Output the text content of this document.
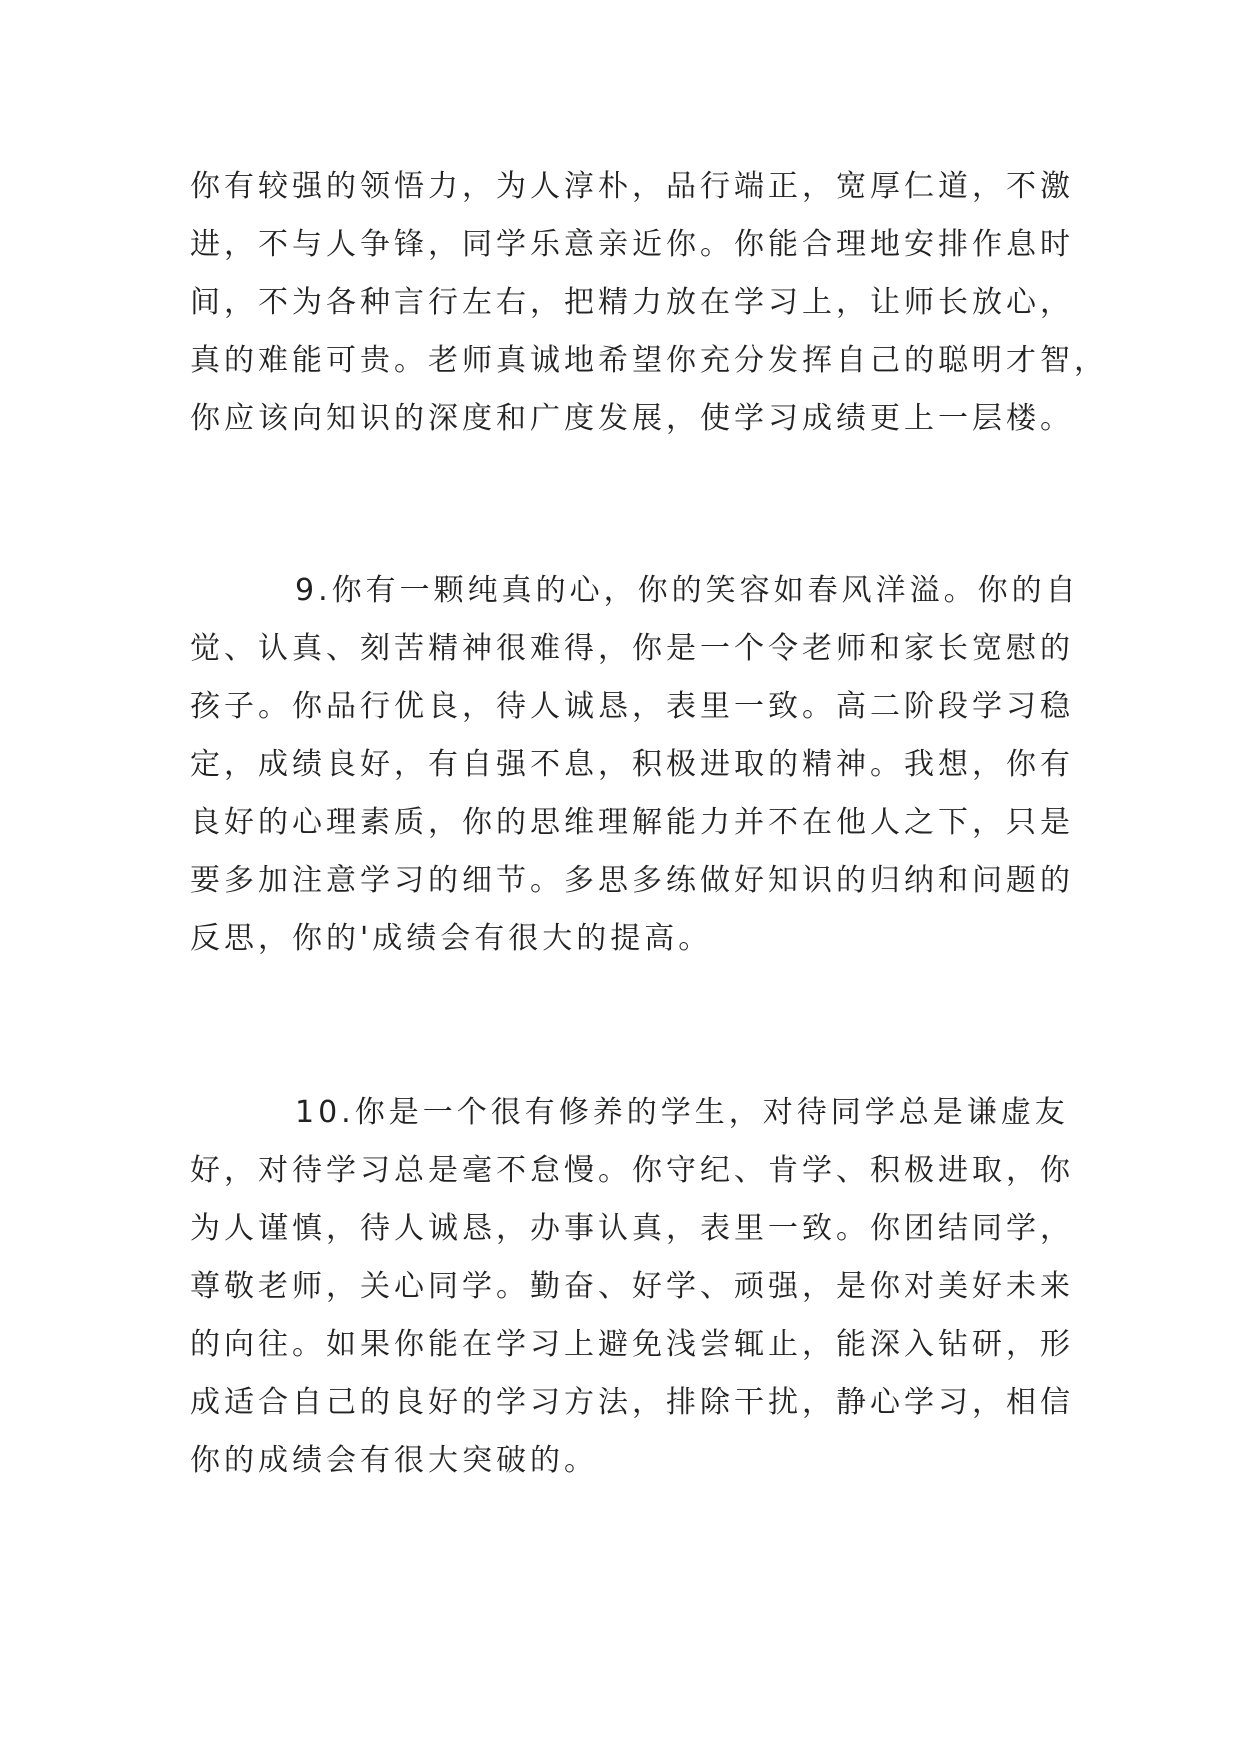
你有较强的领悟力，为人淳朴，品行端正，宽厚仁道，不激
进，不与人争锋，同学乐意亲近你。你能合理地安排作息时
间，不为各种言行左右，把精力放在学习上，让师长放心，
真的难能可贵。老师真诚地希望你充分发挥自己的聪明才智，
你应该向知识的深度和广度发展，使学习成绩更上一层楼。
9.你有一颗纯真的心，你的笑容如春风洋溢。你的自
觉、认真、刻苦精神很难得，你是一个令老师和家长宽慰的
孩子。你品行优良，待人诚恳，表里一致。高二阶段学习稳
定，成绩良好，有自强不息，积极进取的精神。我想，你有
良好的心理素质，你的思维理解能力并不在他人之下，只是
要多加注意学习的细节。多思多练做好知识的归纳和问题的
反思，你的'成绩会有很大的提高。
10.你是一个很有修养的学生，对待同学总是谦虚友
好，对待学习总是毫不怠慢。你守纪、肯学、积极进取，你
为人谨慎，待人诚恳，办事认真，表里一致。你团结同学，
尊敬老师，关心同学。勤奋、好学、顽强，是你对美好未来
的向往。如果你能在学习上避免浅尝辄止，能深入钻研，形
成适合自己的良好的学习方法，排除干扰，静心学习，相信
你的成绩会有很大突破的。
